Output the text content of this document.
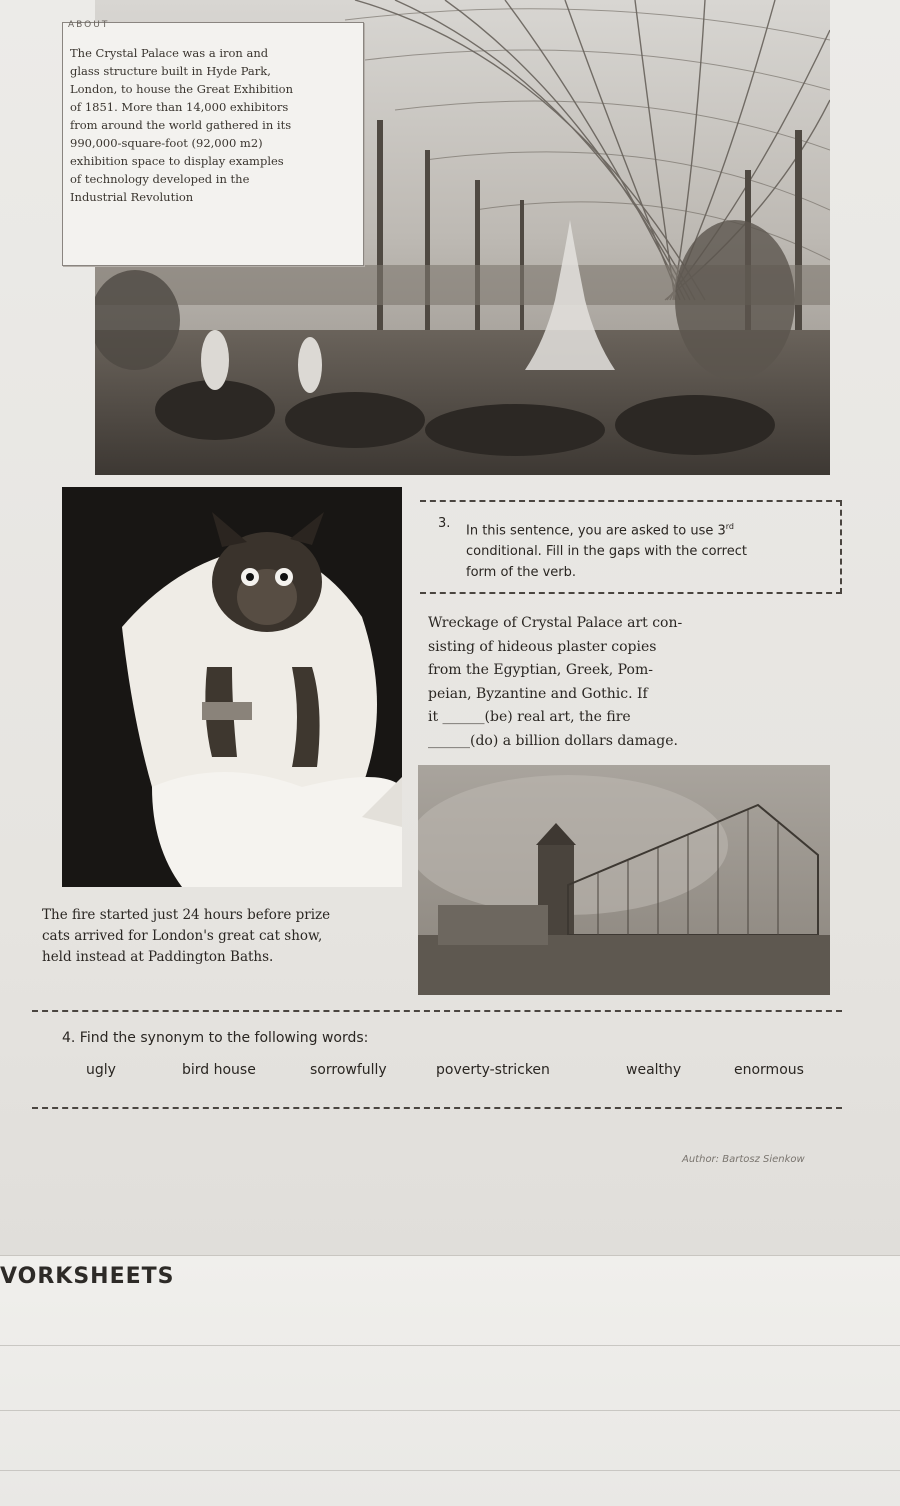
ABOUT
The Crystal Palace was a iron and
glass structure built in Hyde Park,
London, to house the Great Exhibition
of 1851. More than 14,000 exhibitors
from around the world gathered in its
990,000-square-foot (92,000 m2)
exhibition space to display examples
of technology developed in the
Industrial Revolution
3. In this sentence, you are asked to use 3rd
conditional. Fill in the gaps with the correct
form of the verb.
Wreckage of Crystal Palace art con-
sisting of hideous plaster copies
from the Egyptian, Greek, Pom-
peian, Byzantine and Gothic. If
it ______(be) real art, the fire
______(do) a billion dollars damage.
The fire started just 24 hours before prize
cats arrived for London's great cat show,
held instead at Paddington Baths.
4. Find the synonym to the following words:
ugly	bird house	sorrowfully	poverty-stricken	wealthy	enormous
Author: Bartosz Sienkow
VORKSHEETS
